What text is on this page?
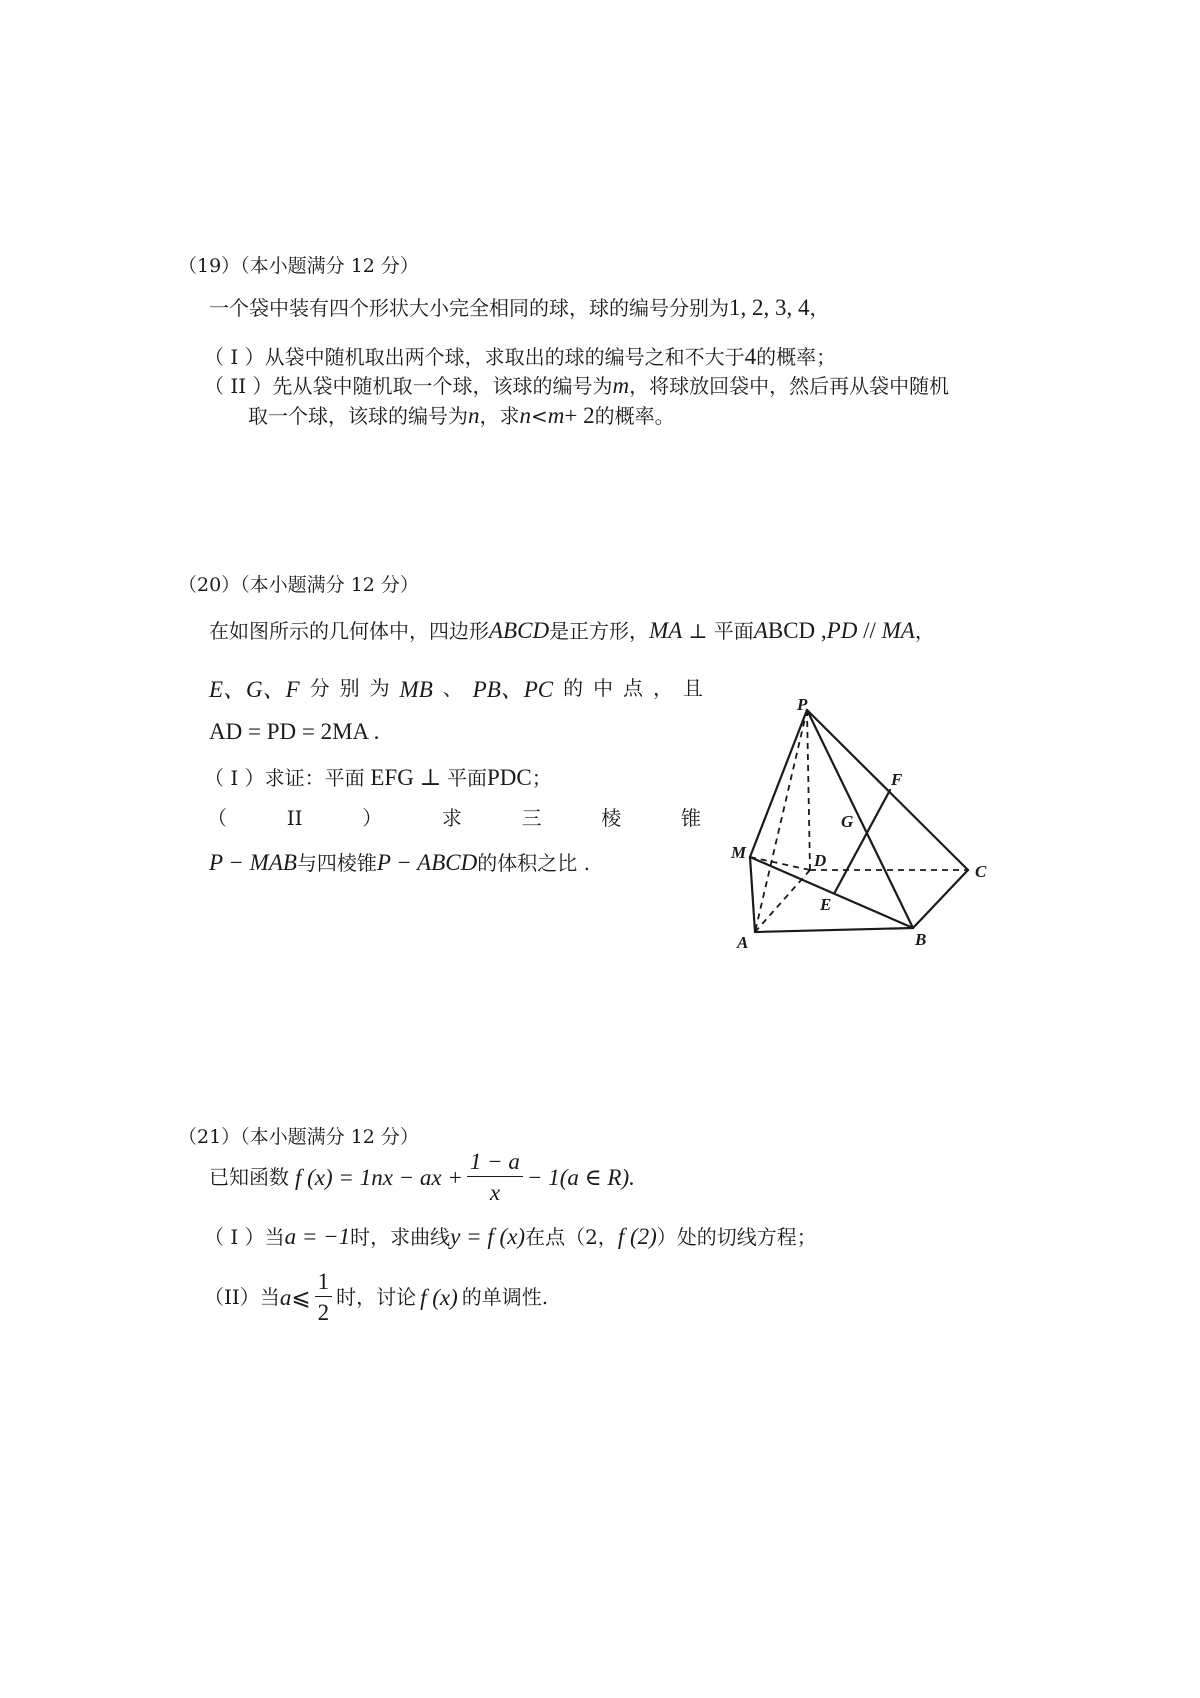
（19）（本小题满分 12 分）
一个袋中装有四个形状大小完全相同的球，球的编号分别为1, 2, 3, 4，
（ I ）从袋中随机取出两个球，求取出的球的编号之和不大于4的概率；
（ II ）先从袋中随机取一个球，该球的编号为m，将球放回袋中，然后再从袋中随机
取一个球，该球的编号为n，求n<m+ 2的概率。
（20）（本小题满分 12 分）
在如图所示的几何体中，四边形ABCD是正方形，MA ⊥ 平面ABCD ,PD // MA，
E、G、F 分 别 为 MB 、 PB、PC 的 中 点 ， 且
AD = PD = 2MA .
（ I ）求证：平面 EFG ⊥ 平面PDC；
（	II	）	求	三	棱	锥
P − MAB与四棱锥P − ABCD的体积之比 .
P
F
G
M	D
C
E
A	B
（21）（本小题满分 12 分）
已知函数 f (x) = 1nx − ax + $\frac{1 - a}{x} - 1(a$ ∈ R).
（ I ）当a = −1时，求曲线y = f (x)在点（2，f (2)）处的切线方程；
（II） 当 a ⩽ $\frac{1}{2}$ 时，讨论 f (x) 的单调性.
